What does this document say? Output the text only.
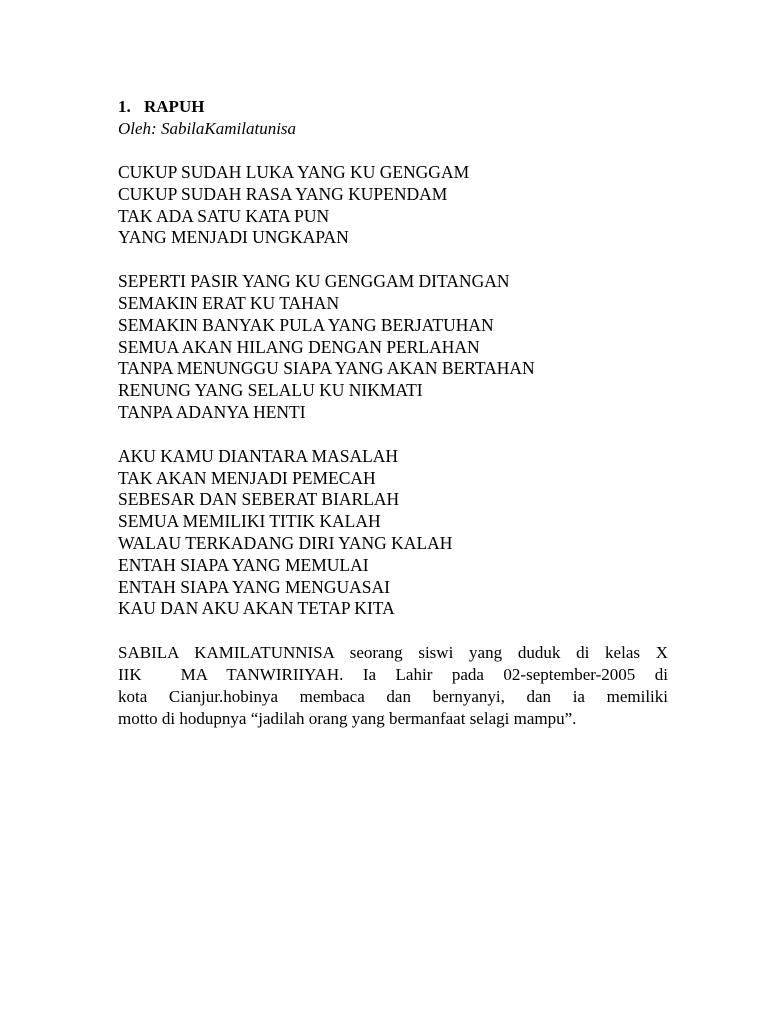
1. RAPUH
Oleh: SabilaKamilatunisa
CUKUP SUDAH LUKA YANG KU GENGGAM
CUKUP SUDAH RASA YANG KUPENDAM
TAK ADA SATU KATA PUN
YANG MENJADI UNGKAPAN
SEPERTI PASIR YANG KU GENGGAM DITANGAN
SEMAKIN ERAT KU TAHAN
SEMAKIN BANYAK PULA YANG BERJATUHAN
SEMUA AKAN HILANG DENGAN PERLAHAN
TANPA MENUNGGU SIAPA YANG AKAN BERTAHAN
RENUNG YANG SELALU KU NIKMATI
TANPA ADANYA HENTI
AKU KAMU DIANTARA MASALAH
TAK AKAN MENJADI PEMECAH
SEBESAR DAN SEBERAT BIARLAH
SEMUA MEMILIKI TITIK KALAH
WALAU TERKADANG DIRI YANG KALAH
ENTAH SIAPA YANG MEMULAI
ENTAH SIAPA YANG MENGUASAI
KAU DAN AKU AKAN TETAP KITA
SABILA KAMILATUNNISA seorang siswi yang duduk di kelas X
IIK  MA TANWIRIIYAH. Ia Lahir pada 02-september-2005 di
kota Cianjur.hobinya membaca dan bernyanyi, dan ia memiliki
motto di hodupnya “jadilah orang yang bermanfaat selagi mampu”.
